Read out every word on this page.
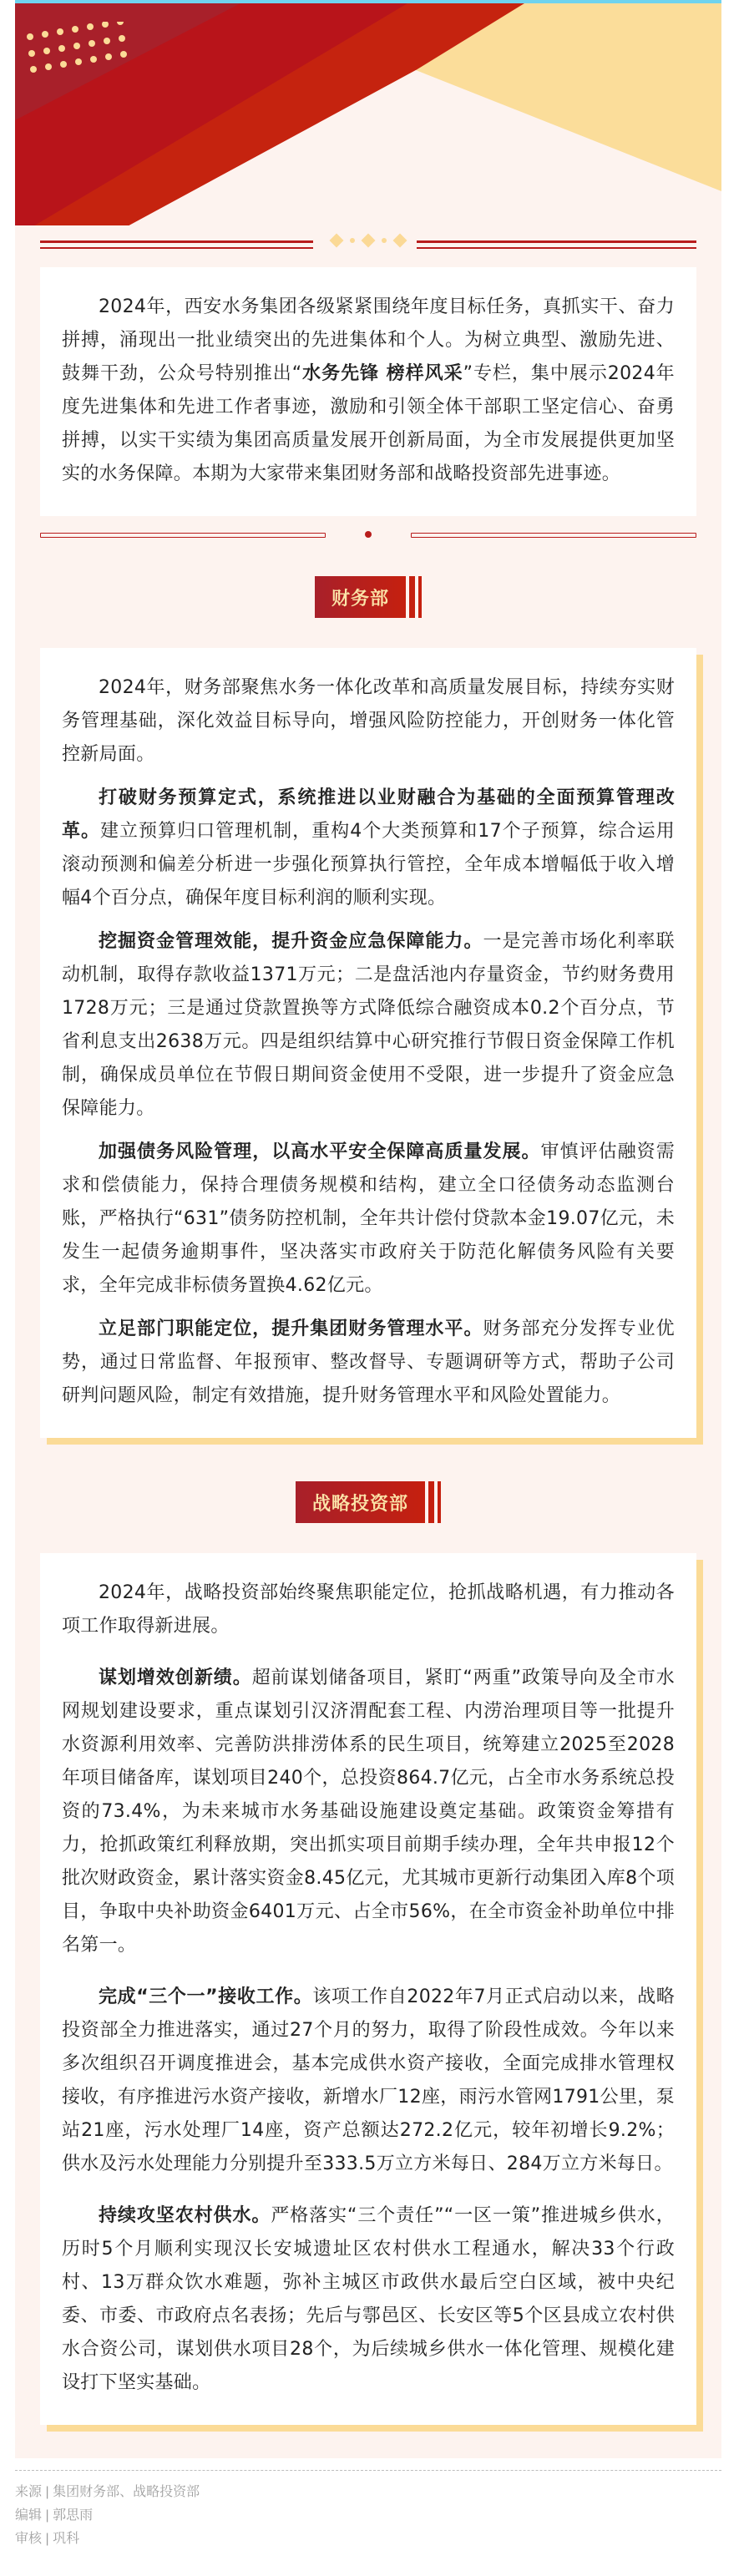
2024年，西安水务集团各级紧紧围绕年度目标任务，真抓实干、奋力拼搏，涌现出一批业绩突出的先进集体和个人。为树立典型、激励先进、鼓舞干劲，公众号特别推出“水务先锋 榜样风采”专栏，集中展示2024年度先进集体和先进工作者事迹，激励和引领全体干部职工坚定信心、奋勇拼搏，以实干实绩为集团高质量发展开创新局面，为全市发展提供更加坚实的水务保障。本期为大家带来集团财务部和战略投资部先进事迹。

财务部

2024年，财务部聚焦水务一体化改革和高质量发展目标，持续夯实财务管理基础，深化效益目标导向，增强风险防控能力，开创财务一体化管控新局面。

打破财务预算定式，系统推进以业财融合为基础的全面预算管理改革。建立预算归口管理机制，重构4个大类预算和17个子预算，综合运用滚动预测和偏差分析进一步强化预算执行管控，全年成本增幅低于收入增幅4个百分点，确保年度目标利润的顺利实现。

挖掘资金管理效能，提升资金应急保障能力。一是完善市场化利率联动机制，取得存款收益1371万元；二是盘活池内存量资金，节约财务费用1728万元；三是通过贷款置换等方式降低综合融资成本0.2个百分点，节省利息支出2638万元。四是组织结算中心研究推行节假日资金保障工作机制，确保成员单位在节假日期间资金使用不受限，进一步提升了资金应急保障能力。

加强债务风险管理，以高水平安全保障高质量发展。审慎评估融资需求和偿债能力，保持合理债务规模和结构，建立全口径债务动态监测台账，严格执行“631”债务防控机制，全年共计偿付贷款本金19.07亿元，未发生一起债务逾期事件，坚决落实市政府关于防范化解债务风险有关要求，全年完成非标债务置换4.62亿元。

立足部门职能定位，提升集团财务管理水平。财务部充分发挥专业优势，通过日常监督、年报预审、整改督导、专题调研等方式，帮助子公司研判问题风险，制定有效措施，提升财务管理水平和风险处置能力。

战略投资部

2024年，战略投资部始终聚焦职能定位，抢抓战略机遇，有力推动各项工作取得新进展。

谋划增效创新绩。超前谋划储备项目，紧盯“两重”政策导向及全市水网规划建设要求，重点谋划引汉济渭配套工程、内涝治理项目等一批提升水资源利用效率、完善防洪排涝体系的民生项目，统筹建立2025至2028年项目储备库，谋划项目240个，总投资864.7亿元，占全市水务系统总投资的73.4%，为未来城市水务基础设施建设奠定基础。政策资金筹措有力，抢抓政策红利释放期，突出抓实项目前期手续办理，全年共申报12个批次财政资金，累计落实资金8.45亿元，尤其城市更新行动集团入库8个项目，争取中央补助资金6401万元、占全市56%，在全市资金补助单位中排名第一。

完成“三个一”接收工作。该项工作自2022年7月正式启动以来，战略投资部全力推进落实，通过27个月的努力，取得了阶段性成效。今年以来多次组织召开调度推进会，基本完成供水资产接收，全面完成排水管理权接收，有序推进污水资产接收，新增水厂12座，雨污水管网1791公里，泵站21座，污水处理厂14座，资产总额达272.2亿元，较年初增长9.2%；供水及污水处理能力分别提升至333.5万立方米每日、284万立方米每日。

持续攻坚农村供水。严格落实“三个责任”“一区一策”推进城乡供水，历时5个月顺利实现汉长安城遗址区农村供水工程通水，解决33个行政村、13万群众饮水难题，弥补主城区市政供水最后空白区域，被中央纪委、市委、市政府点名表扬；先后与鄠邑区、长安区等5个区县成立农村供水合资公司，谋划供水项目28个，为后续城乡供水一体化管理、规模化建设打下坚实基础。

来源 | 集团财务部、战略投资部
编辑 | 郭思雨
审核 | 巩科
